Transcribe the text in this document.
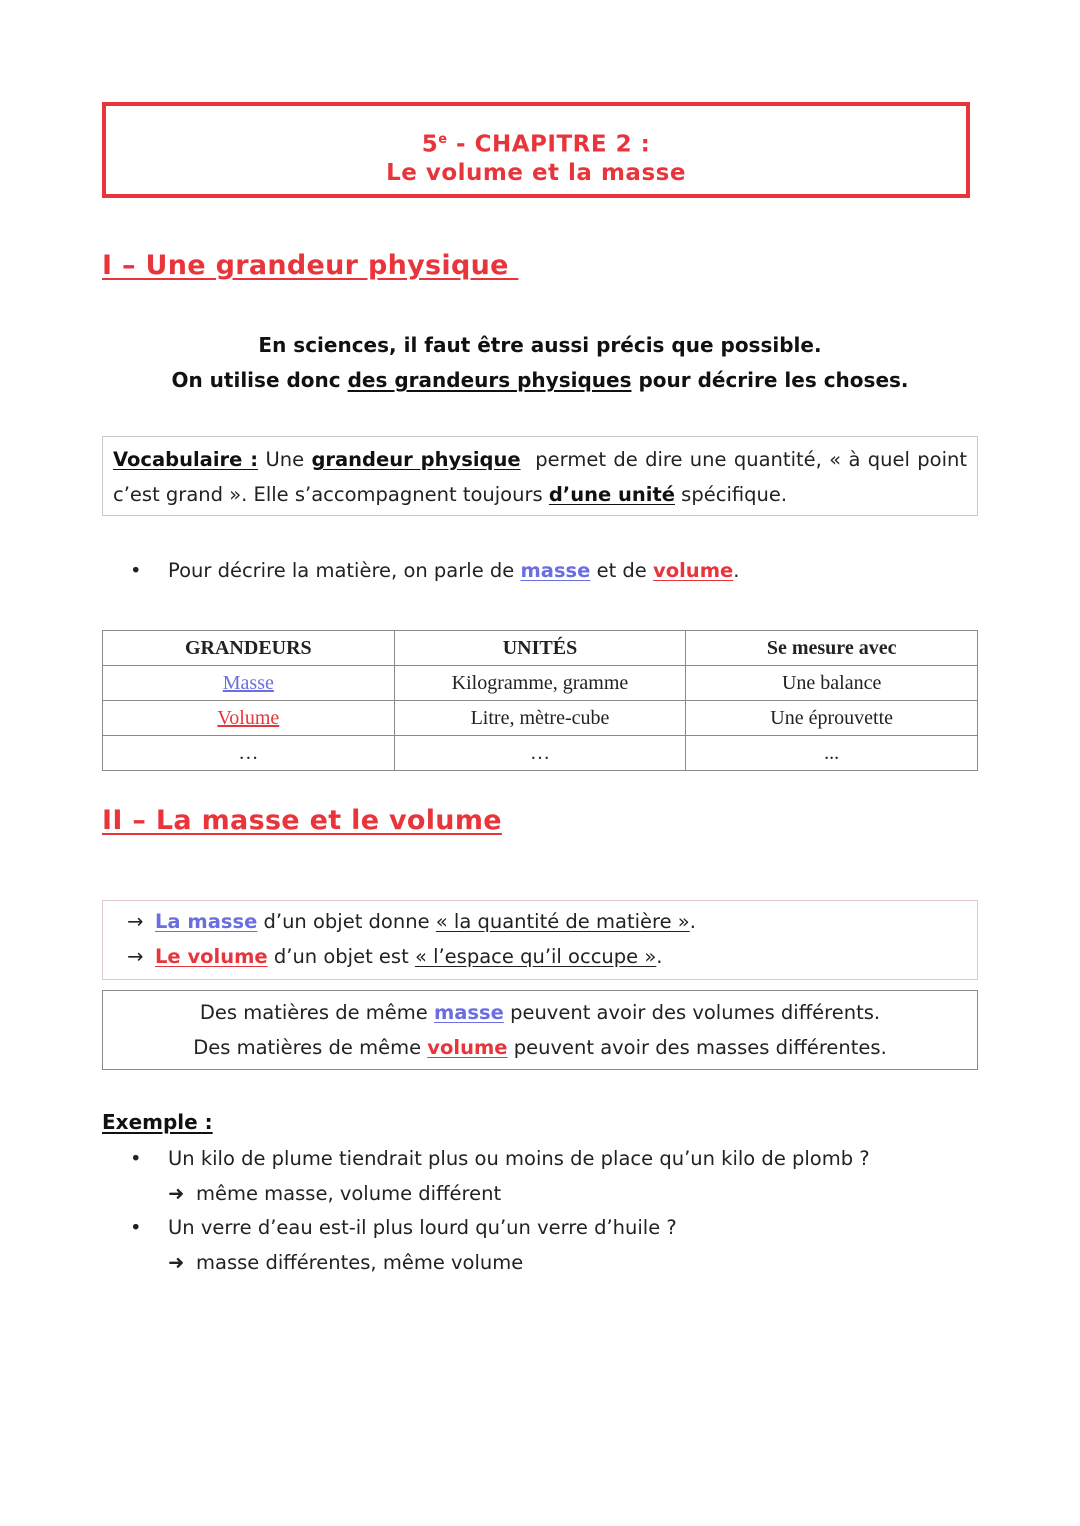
5e - CHAPITRE 2 :
Le volume et la masse
I – Une grandeur physique
En sciences, il faut être aussi précis que possible.
On utilise donc des grandeurs physiques pour décrire les choses.
Vocabulaire : Une grandeur physique  permet de dire une quantité, « à quel point c’est grand ». Elle s’accompagnent toujours d’une unité spécifique.
• Pour décrire la matière, on parle de masse et de volume.
GRANDEURS	UNITÉS	Se mesure avec
Masse	Kilogramme, gramme	Une balance
Volume	Litre, mètre-cube	Une éprouvette
…	…	...
II – La masse et le volume
→ La masse d’un objet donne « la quantité de matière ».
→ Le volume d’un objet est « l’espace qu’il occupe ».
Des matières de même masse peuvent avoir des volumes différents.
Des matières de même volume peuvent avoir des masses différentes.
Exemple :
• Un kilo de plume tiendrait plus ou moins de place qu’un kilo de plomb ?
➜ même masse, volume différent
• Un verre d’eau est-il plus lourd qu’un verre d’huile ?
➜ masse différentes, même volume
